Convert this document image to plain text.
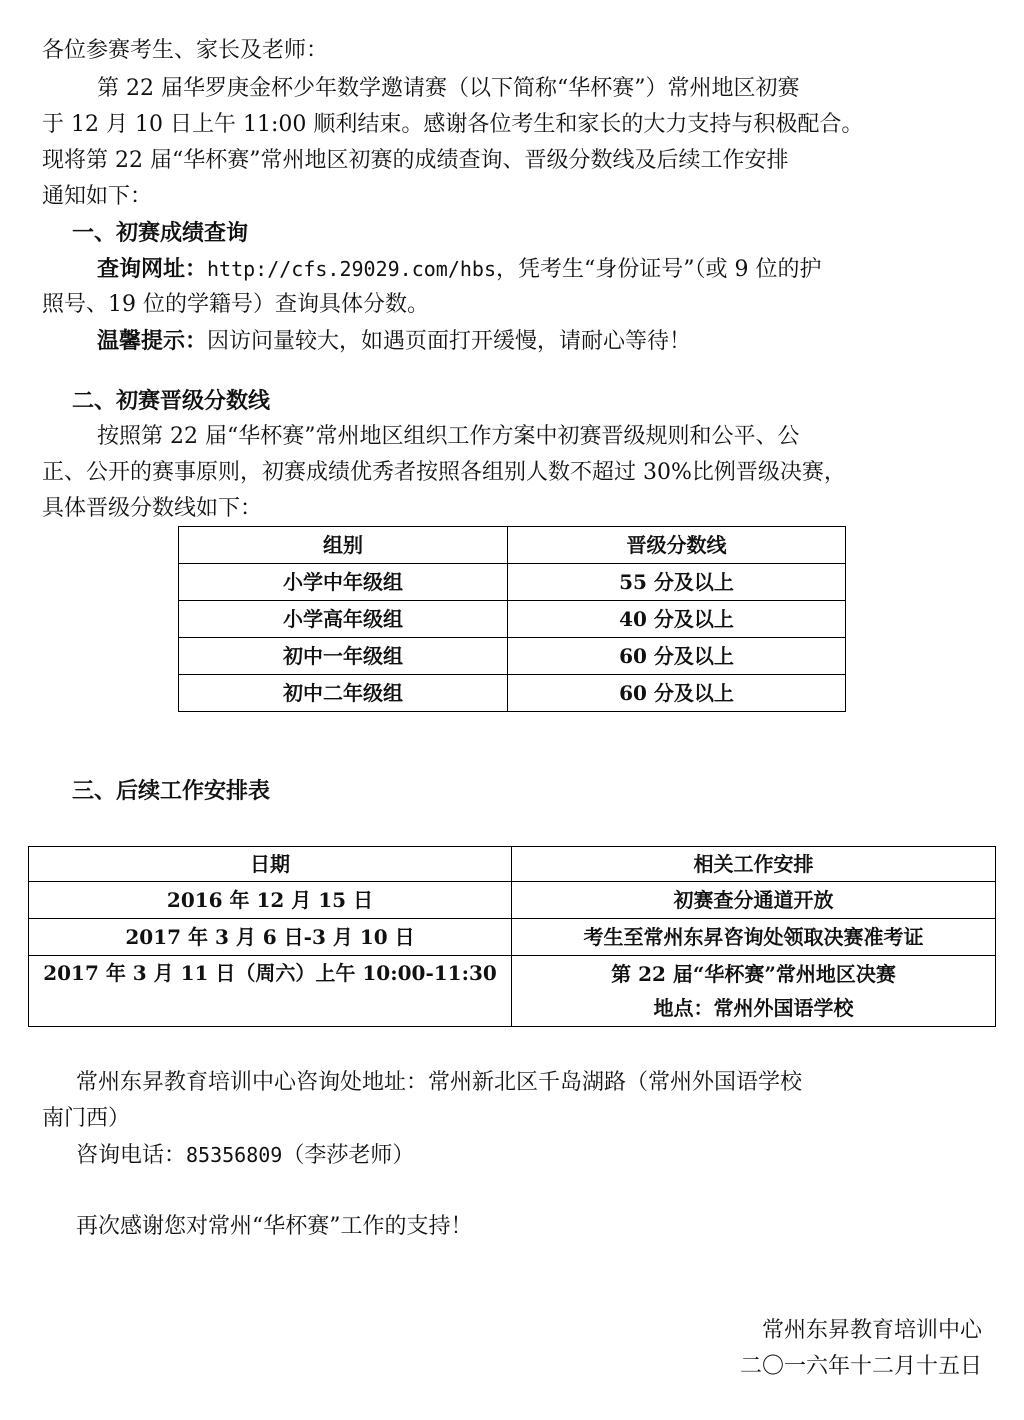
各位参赛考生、家长及老师：
第 22 届华罗庚金杯少年数学邀请赛（以下简称“华杯赛”）常州地区初赛
于 12 月 10 日上午 11:00 顺利结束。感谢各位考生和家长的大力支持与积极配合。
现将第 22 届“华杯赛”常州地区初赛的成绩查询、晋级分数线及后续工作安排
通知如下：
一、初赛成绩查询
查询网址：http://cfs.29029.com/hbs，凭考生“身份证号”（或 9 位的护
照号、19 位的学籍号）查询具体分数。
温馨提示：因访问量较大，如遇页面打开缓慢，请耐心等待！
二、初赛晋级分数线
按照第 22 届“华杯赛”常州地区组织工作方案中初赛晋级规则和公平、公
正、公开的赛事原则，初赛成绩优秀者按照各组别人数不超过 30%比例晋级决赛，
具体晋级分数线如下：
组别	晋级分数线
小学中年级组	55 分及以上
小学高年级组	40 分及以上
初中一年级组	60 分及以上
初中二年级组	60 分及以上
三、后续工作安排表
日期	相关工作安排
2016 年 12 月 15 日	初赛查分通道开放
2017 年 3 月 6 日-3 月 10 日	考生至常州东昇咨询处领取决赛准考证
2017 年 3 月 11 日（周六）上午 10:00-11:30	第 22 届“华杯赛”常州地区决赛
地点：常州外国语学校
常州东昇教育培训中心咨询处地址：常州新北区千岛湖路（常州外国语学校
南门西）
咨询电话：85356809（李莎老师）
再次感谢您对常州“华杯赛”工作的支持！
常州东昇教育培训中心
二〇一六年十二月十五日
